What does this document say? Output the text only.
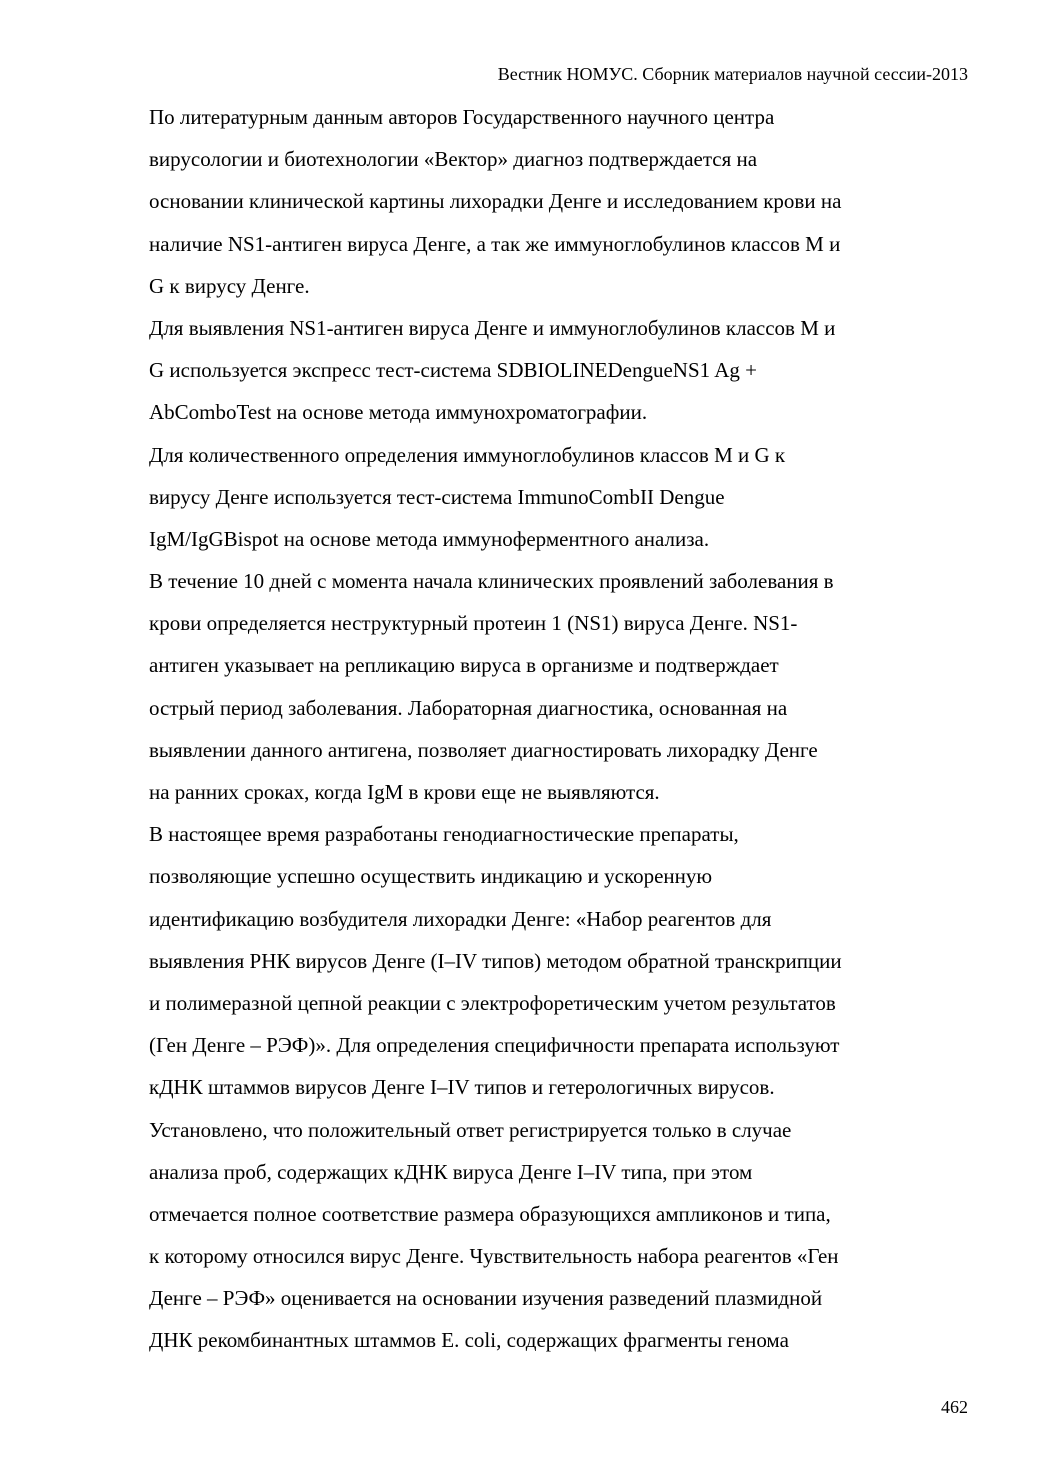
Вестник НОМУС. Сборник материалов научной сессии-2013
По литературным данным авторов Государственного научного центра
вирусологии и биотехнологии «Вектор» диагноз подтверждается на
основании клинической картины лихорадки Денге и исследованием крови на
наличие NS1-антиген вируса Денге, а так же иммуноглобулинов классов M и
G к вирусу Денге.
Для выявления NS1-антиген вируса Денге и иммуноглобулинов классов M и
G используется экспресс тест-система SDBIOLINEDengueNS1 Ag +
AbComboTest на основе метода иммунохроматографии.
Для количественного определения иммуноглобулинов классов M и G к
вирусу Денге используется тест-система ImmunoCombII Dengue
IgM/IgGBispot на основе метода иммуноферментного анализа.
В течение 10 дней с момента начала клинических проявлений заболевания в
крови определяется неструктурный протеин 1 (NS1) вируса Денге. NS1-
антиген указывает на репликацию вируса в организме и подтверждает
острый период заболевания. Лабораторная диагностика, основанная на
выявлении данного антигена, позволяет диагностировать лихорадку Денге
на ранних сроках, когда IgM в крови еще не выявляются.
В настоящее время разработаны генодиагностические препараты,
позволяющие успешно осуществить индикацию и ускоренную
идентификацию возбудителя лихорадки Денге: «Набор реагентов для
выявления РНК вирусов Денге (I–IV типов) методом обратной транскрипции
и полимеразной цепной реакции с электрофоретическим учетом результатов
(Ген Денге – РЭФ)». Для определения специфичности препарата используют
кДНК штаммов вирусов Денге I–IV типов и гетерологичных вирусов.
Установлено, что положительный ответ регистрируется только в случае
анализа проб, содержащих кДНК вируса Денге I–IV типа, при этом
отмечается полное соответствие размера образующихся ампликонов и типа,
к которому относился вирус Денге. Чувствительность набора реагентов «Ген
Денге – РЭФ» оценивается на основании изучения разведений плазмидной
ДНК рекомбинантных штаммов E. coli, содержащих фрагменты генома
462
